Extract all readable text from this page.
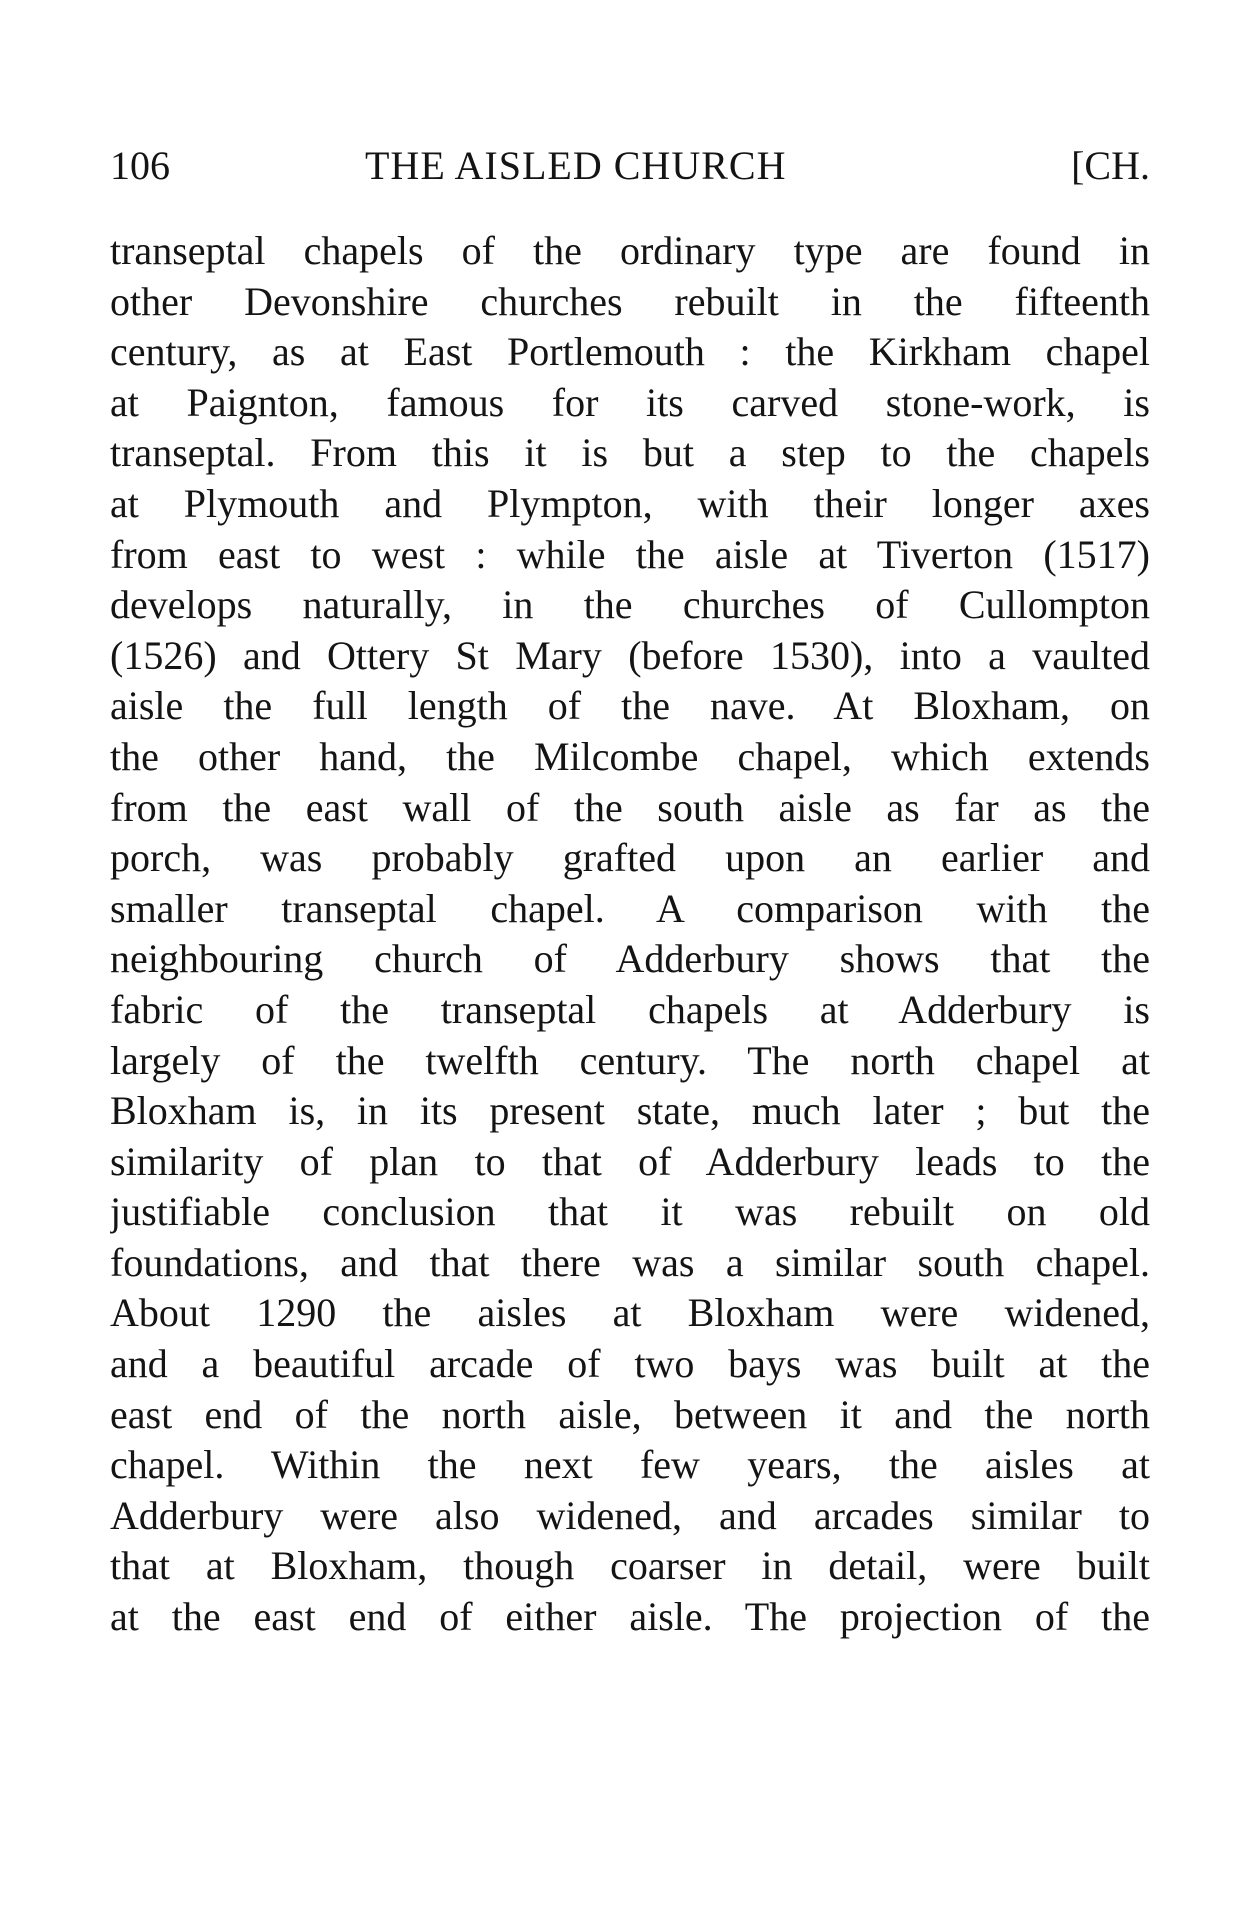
106	THE AISLED CHURCH	[CH.
transeptal chapels of the ordinary type are found in
other Devonshire churches rebuilt in the fifteenth
century, as at East Portlemouth : the Kirkham chapel
at Paignton, famous for its carved stone-work, is
transeptal. From this it is but a step to the chapels
at Plymouth and Plympton, with their longer axes
from east to west : while the aisle at Tiverton (1517)
develops naturally, in the churches of Cullompton
(1526) and Ottery St Mary (before 1530), into a vaulted
aisle the full length of the nave. At Bloxham, on
the other hand, the Milcombe chapel, which extends
from the east wall of the south aisle as far as the
porch, was probably grafted upon an earlier and
smaller transeptal chapel. A comparison with the
neighbouring church of Adderbury shows that the
fabric of the transeptal chapels at Adderbury is
largely of the twelfth century. The north chapel at
Bloxham is, in its present state, much later ; but the
similarity of plan to that of Adderbury leads to the
justifiable conclusion that it was rebuilt on old
foundations, and that there was a similar south chapel.
About 1290 the aisles at Bloxham were widened,
and a beautiful arcade of two bays was built at the
east end of the north aisle, between it and the north
chapel. Within the next few years, the aisles at
Adderbury were also widened, and arcades similar to
that at Bloxham, though coarser in detail, were built
at the east end of either aisle. The projection of the
